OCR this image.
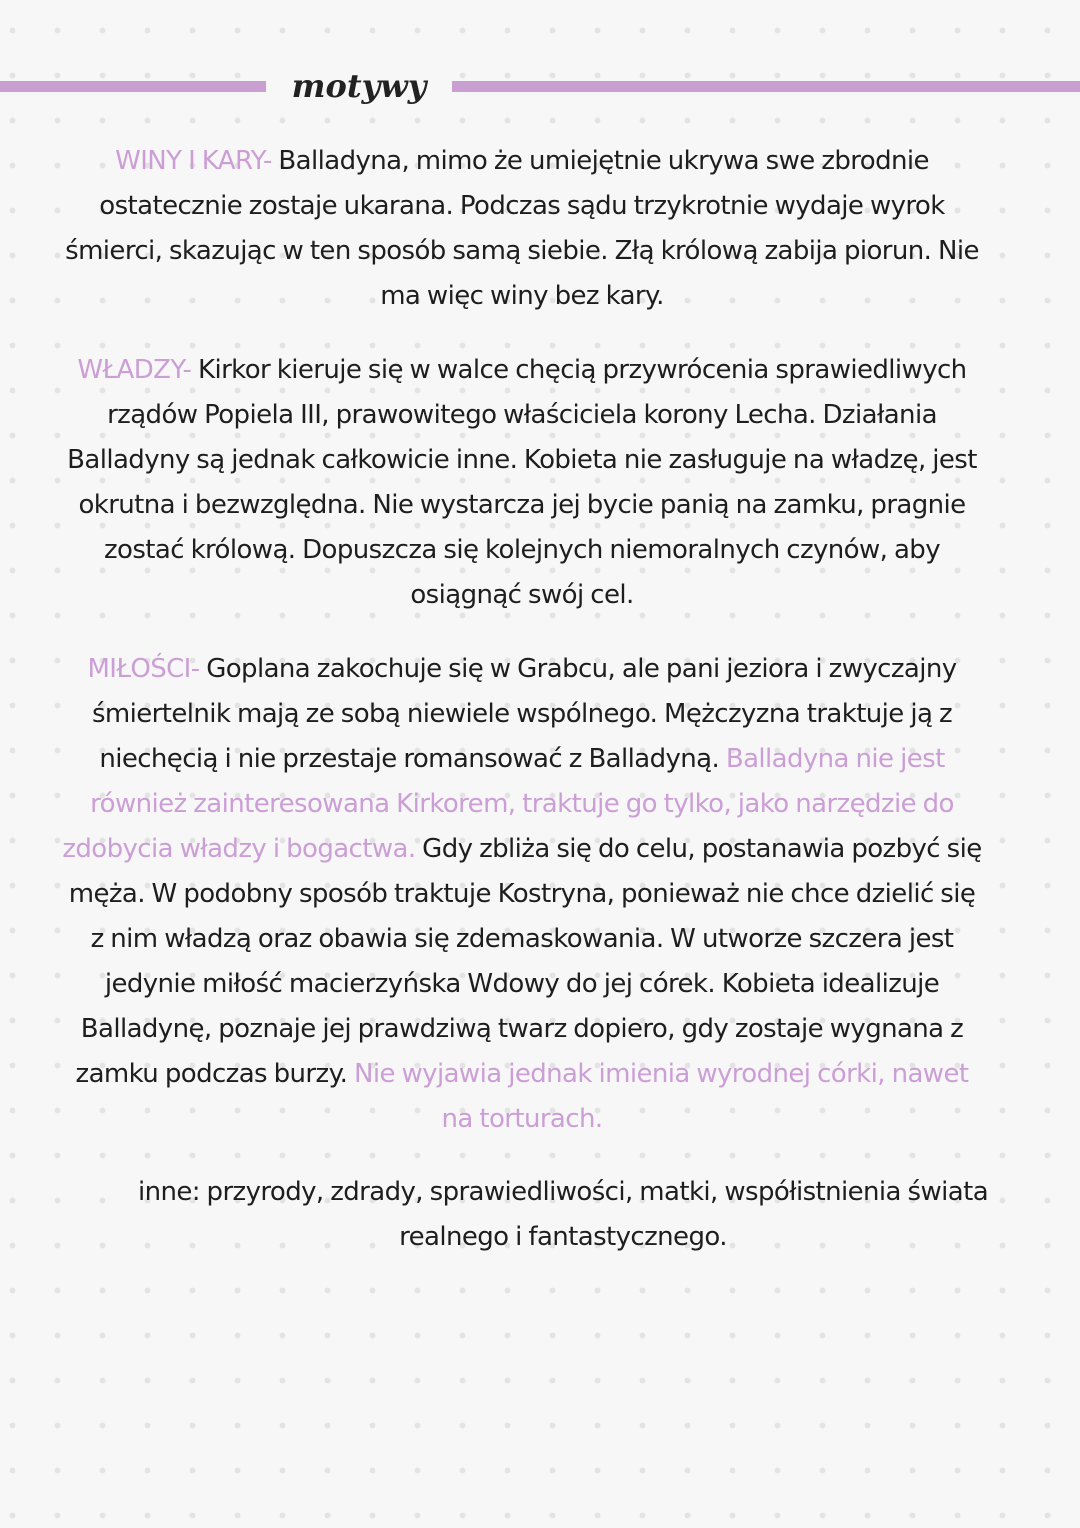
motywy

WINY I KARY- Balladyna, mimo że umiejętnie ukrywa swe zbrodnie ostatecznie zostaje ukarana. Podczas sądu trzykrotnie wydaje wyrok śmierci, skazując w ten sposób samą siebie. Złą królową zabija piorun. Nie ma więc winy bez kary.

WŁADZY- Kirkor kieruje się w walce chęcią przywrócenia sprawiedliwych rządów Popiela III, prawowitego właściciela korony Lecha. Działania Balladyny są jednak całkowicie inne. Kobieta nie zasługuje na władzę, jest okrutna i bezwzględna. Nie wystarcza jej bycie panią na zamku, pragnie zostać królową. Dopuszcza się kolejnych niemoralnych czynów, aby osiągnąć swój cel.

MIŁOŚCI- Goplana zakochuje się w Grabcu, ale pani jeziora i zwyczajny śmiertelnik mają ze sobą niewiele wspólnego. Mężczyzna traktuje ją z niechęcią i nie przestaje romansować z Balladyną. Balladyna nie jest również zainteresowana Kirkorem, traktuje go tylko, jako narzędzie do zdobycia władzy i bogactwa. Gdy zbliża się do celu, postanawia pozbyć się męża. W podobny sposób traktuje Kostryna, ponieważ nie chce dzielić się z nim władzą oraz obawia się zdemaskowania. W utworze szczera jest jedynie miłość macierzyńska Wdowy do jej córek. Kobieta idealizuje Balladynę, poznaje jej prawdziwą twarz dopiero, gdy zostaje wygnana z zamku podczas burzy. Nie wyjawia jednak imienia wyrodnej córki, nawet na torturach.

inne: przyrody, zdrady, sprawiedliwości, matki, współistnienia świata realnego i fantastycznego.
